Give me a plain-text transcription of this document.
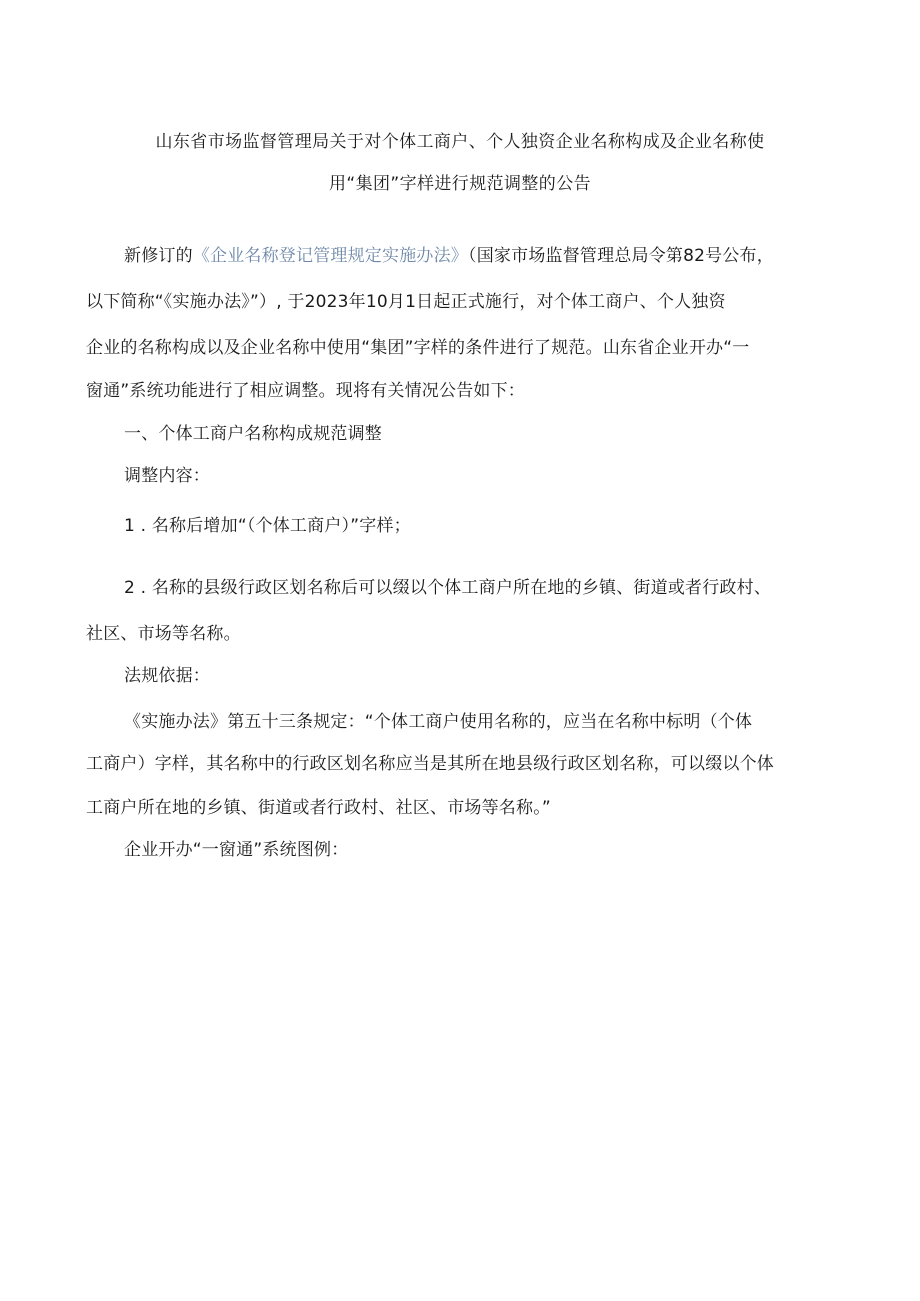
山东省市场监督管理局关于对个体工商户、个人独资企业名称构成及企业名称使
用“集团”字样进行规范调整的公告
新修订的《企业名称登记管理规定实施办法》（国家市场监督管理总局令第82号公布，
以下简称“《实施办法》”）, 于2023年10月1日起正式施行，对个体工商户、个人独资
企业的名称构成以及企业名称中使用“集团”字样的条件进行了规范。山东省企业开办“一
窗通”系统功能进行了相应调整。现将有关情况公告如下：
一、个体工商户名称构成规范调整
调整内容：
1 . 名称后增加“（个体工商户）”字样；
2 . 名称的县级行政区划名称后可以缀以个体工商户所在地的乡镇、街道或者行政村、
社区、市场等名称。
法规依据：
《实施办法》第五十三条规定：“个体工商户使用名称的，应当在名称中标明（个体
工商户）字样，其名称中的行政区划名称应当是其所在地县级行政区划名称，可以缀以个体
工商户所在地的乡镇、街道或者行政村、社区、市场等名称。”
企业开办“一窗通”系统图例：
